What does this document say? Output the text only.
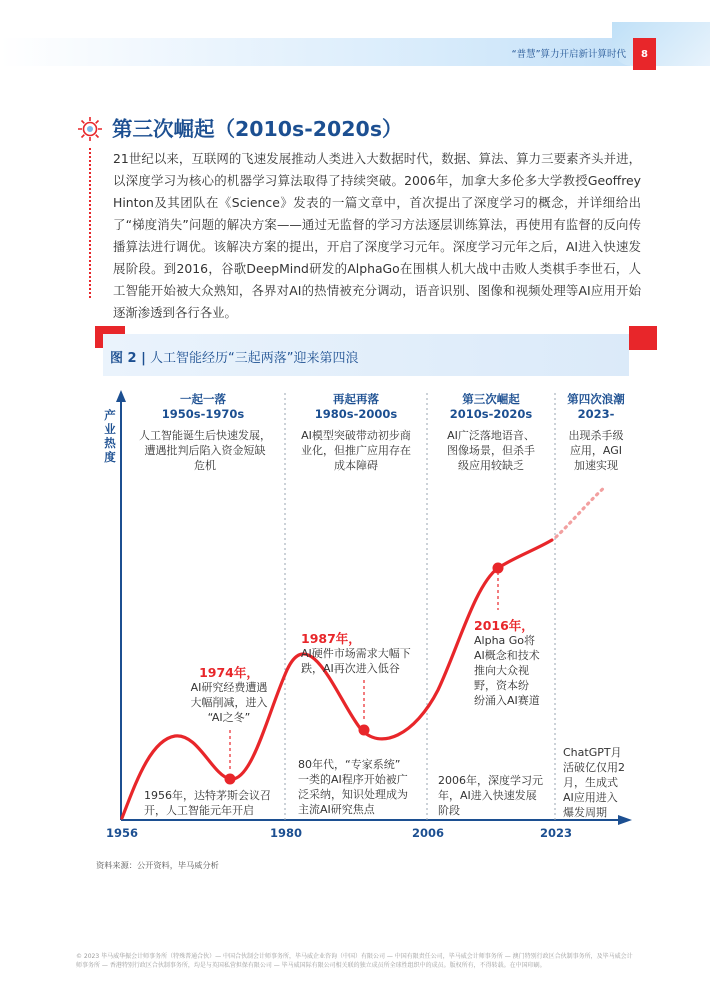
“普慧”算力开启新计算时代	8
第三次崛起（2010s-2020s）

21世纪以来，互联网的飞速发展推动人类进入大数据时代，数据、算法、算力三要素齐头并进，以深度学习为核心的机器学习算法取得了持续突破。2006年，加拿大多伦多大学教授Geoffrey Hinton及其团队在《Science》发表的一篇文章中，首次提出了深度学习的概念，并详细给出了“梯度消失”问题的解决方案——通过无监督的学习方法逐层训练算法，再使用有监督的反向传播算法进行调优。该解决方案的提出，开启了深度学习元年。深度学习元年之后，AI进入快速发展阶段。到2016，谷歌DeepMind研发的AlphaGo在围棋人机大战中击败人类棋手李世石，人工智能开始被大众熟知，各界对AI的热情被充分调动，语音识别、图像和视频处理等AI应用开始逐渐渗透到各行各业。

图 2 | 人工智能经历“三起两落”迎来第四浪
产
业
热
度
一起一落
1950s-1970s
人工智能诞生后快速发展，
遭遇批判后陷入资金短缺
危机
再起再落
1980s-2000s
AI模型突破带动初步商
业化，但推广应用存在
成本障碍
第三次崛起
2010s-2020s
AI广泛落地语音、
图像场景，但杀手
级应用较缺乏
第四次浪潮
2023-
出现杀手级
应用，AGI
加速实现
1974年，
AI研究经费遭遇
大幅削减，进入
“AI之冬”
1987年，
AI硬件市场需求大幅下
跌，AI再次进入低谷
2016年，
Alpha Go将
AI概念和技术
推向大众视
野，资本纷
纷涌入AI赛道
1956年，达特茅斯会议召
开，人工智能元年开启
80年代，“专家系统”
一类的AI程序开始被广
泛采纳，知识处理成为
主流AI研究焦点
2006年，深度学习元
年，AI进入快速发展
阶段
ChatGPT月
活破亿仅用2
月，生成式
AI应用进入
爆发周期
1956	1980	2006	2023
资料来源：公开资料，毕马威分析
© 2023 毕马威华振会计师事务所（特殊普通合伙）— 中国合伙制会计师事务所，毕马威企业咨询（中国）有限公司 — 中国有限责任公司，毕马威会计师事务所 — 澳门特别行政区合伙制事务所，及毕马威会计师事务所 — 香港特别行政区合伙制事务所，均是与英国私营担保有限公司 — 毕马威国际有限公司相关联的独立成员所全球性组织中的成员。版权所有，不得转载。在中国印刷。
